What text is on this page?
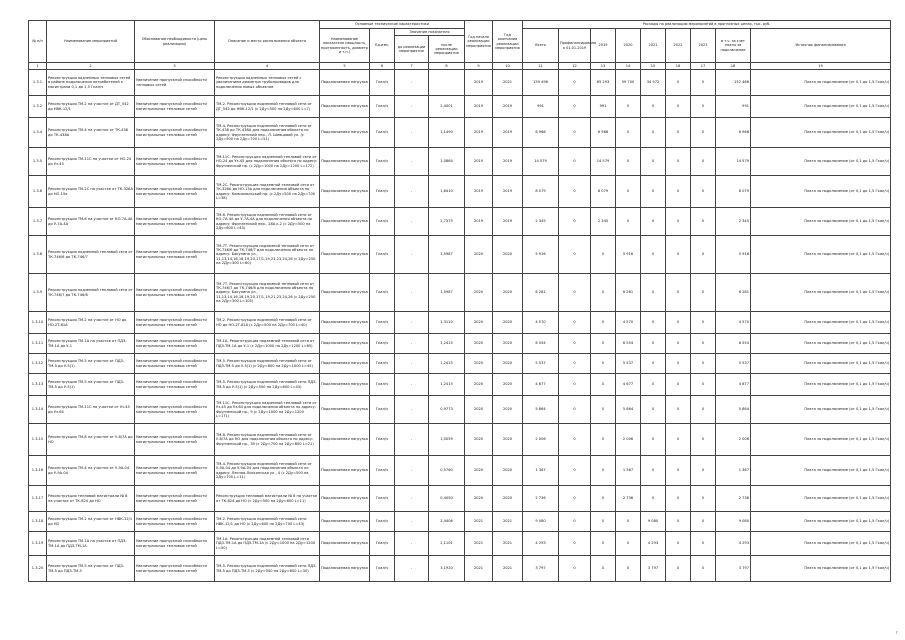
№ п/п	Наименование мероприятий	Обоснование необходимости (цель реализации)	Описание и место расположения объекта	Основные технические характеристики				Год начала реализации мероприятия	Год окончания реализации мероприятия	Расходы на реализацию мероприятий в прогнозных ценах, тыс. руб.								
				Наименование показателя (мощность, протяженность, диаметр и т.п.)	Ед.изм.	Значение показателя				Всего	Профинансировано к 01.01.2019	2019	2020	2021	2022	2023	в т.ч. за счет платы за подключение	Источник финансирования
						до реализации мероприятия	после реализации мероприятия											
1	2	3	4	5	6	7	8	9	10	11	12	13	14	15	16	17	18	19
1.3.1	Реконструкция надземных тепловых сетей в районе подключения потребителей к магистрали 0,1 до 1,5 Гкал/ч	Увеличение пропускной способности тепловых сетей	Реконструкция надземных тепловых сетей с увеличением диаметра трубопроводов для подключения новых объектов	Подключаемая нагрузка	Гкал/ч	-		2019	2021	159 496	0	65 293	59 700	34 972	0	0	152 466	Плата за подключение (от 0,1 до 1,5 Гкал/ч)
1.3.2	Реконструкция ТМ-2 на участке от ДТ_542 до НВК-12/1	Увеличение пропускной способности магистральных тепловых сетей	ТМ-2. Реконструкция подземной тепловой сети от ДТ_542 до НВК-12/1 (с 2Ду=500 на 2Ду=600 L=7)	Подключаемая нагрузка	Гкал/ч	-	2,4001	2019	2019	991	0	991	0	0	0	0	991	Плата за подключение (от 0,1 до 1,5 Гкал/ч)
1.3.4	Реконструкция ТМ-4 на участке от ТК-438 до ТК-438А	Увеличение пропускной способности магистральных тепловых сетей	ТМ-4. Реконструкция подземной тепловой сети от ТК-438 до ТК-438А для подключения объекта по адресу: Фрунзенский пер., Л. Шевцовой ул. (с 2Ду=500 на 2Ду=700 L=51)	Подключаемая нагрузка	Гкал/ч	-	1,1490	2019	2019	6 966	0	6 966	0	0	0	0	6 966	Плата за подключение (от 0,1 до 1,5 Гкал/ч)
1.3.5	Реконструкция ТМ-11С на участке от НО-24 до Уз-45	Увеличение пропускной способности магистральных тепловых сетей	ТМ-11С. Реконструкция надземной тепловой сети от НО-24 до Уз-45 для подключения объекта по адресу: Фрунзенский пр. (с 2Ду=1000 на 2Ду=1200 L=172)	Подключаемая нагрузка	Гкал/ч	-	1,0864	2019	2019	14 579	0	14 579	0	0	0	0	14 579	Плата за подключение (от 0,1 до 1,5 Гкал/ч)
1.3.6	Реконструкция ТМ-2С на участке от ТК-326А до НО-15а	Увеличение пропускной способности магистральных тепловых сетей	ТМ-2С. Реконструкция подземной тепловой сети от ТК-326А до НО-15а для подключения объекта по адресу: Комсомольский пр. (с 2Ду=500 на 2Ду=700 L=38)	Подключаемая нагрузка	Гкал/ч	-	1,6410	2019	2019	8 079	0	8 079	0	0	0	0	8 079	Плата за подключение (от 0,1 до 1,5 Гкал/ч)
1.3.7	Реконструкция ТМ-6 на участке от КО-7А-4А до У-7А-4А	Увеличение пропускной способности магистральных тепловых сетей	ТМ-6. Реконструкция надземной тепловой сети от КО-7А-4А до У-7А-4А для подключения объекта по адресу: Фрунзенский пер., 28А к.2 (с 2Ду=500 на 2Ду=600 L=43)	Подключаемая нагрузка	Гкал/ч	-	2,7375	2019	2019	2 345	0	2 345	0	0	0	0	2 345	Плата за подключение (от 0,1 до 1,5 Гкал/ч)
1.3.8	Реконструкция подземной тепловой сети от ТК-746/6 до ТК-746/7	Увеличение пропускной способности магистральных тепловых сетей	ТМ-7Т. Реконструкция подземной тепловой сети от ТК-746/6 до ТК-746/7 для подключения объекта по адресу: Бакунина ул., 11,13,14,16,18,19,20,17/1,19,21,23,24,26 (с 2Ду=250 на 2Ду=300 L=60)	Подключаемая нагрузка	Гкал/ч	-	1,5987	2020	2020	5 916	0	0	5 916	0	0	0	5 916	Плата за подключение (от 0,1 до 1,5 Гкал/ч)
1.3.9	Реконструкция подземной тепловой сети от ТК-746/7 до ТК-746/8	Увеличение пропускной способности магистральных тепловых сетей	ТМ-7Т. Реконструкция подземной тепловой сети от ТК-746/7 до ТК-746/8 для подключения объекта по адресу: Бакунина ул., 11,13,14,16,18,19,20,17/1,19,21,23,24,26 (с 2Ду=250 на 2Ду=300 L=105)	Подключаемая нагрузка	Гкал/ч	-	1,5987	2020	2020	6 281	0	0	6 281	0	0	0	6 281	Плата за подключение (от 0,1 до 1,5 Гкал/ч)
1.3.10	Реконструкция ТМ-2 на участке от НО до НО-2Т-81А	Увеличение пропускной способности магистральных тепловых сетей	ТМ-2. Реконструкция подземной тепловой сети от НО до НО-2Т-81А (с 2Ду=500 на 2Ду=700 L=40)	Подключаемая нагрузка	Гкал/ч	-	1,3110	2020	2020	4 570	0	0	4 570	0	0	0	4 570	Плата за подключение (от 0,1 до 1,5 Гкал/ч)
1.3.11	Реконструкция ТМ-1А на участке от ПДЗ-ТМ-1А до У-1	Увеличение пропускной способности магистральных тепловых сетей	ТМ-1А. Реконструкция подземной тепловой сети от ПДЗ-ТМ-1А до У-1 (с 2Ду=1000 на 2Ду=1200 L=65)	Подключаемая нагрузка	Гкал/ч	-	1,2415	2020	2020	6 554	0	0	6 554	0	0	0	6 554	Плата за подключение (от 0,1 до 1,5 Гкал/ч)
1.3.12	Реконструкция ТМ-5 на участке от ПДЗ-ТМ-5 до У-5(1)	Увеличение пропускной способности магистральных тепловых сетей	ТМ-5. Реконструкция подземной тепловой сети от ПДЗ-ТМ-5 до У-5(1) (с 2Ду=800 на 2Ду=1000 L=45)	Подключаемая нагрузка	Гкал/ч	-	1,2415	2020	2020	5 537	0	0	5 537	0	0	0	5 537	Плата за подключение (от 0,1 до 1,5 Гкал/ч)
1.3.13	Реконструкция ТМ-5 на участке от ПДЗ-ТМ-5 до У-5(1)	Увеличение пропускной способности магистральных тепловых сетей	ТМ-5. Реконструкция подземной тепловой сети ПДЗ-ТМ-5 до У-5(1) (с 2Ду=500 на 2Ду=600 L=45)	Подключаемая нагрузка	Гкал/ч	-	1,2415	2020	2020	4 677	0	0	4 677	0	0	0	4 677	Плата за подключение (от 0,1 до 1,5 Гкал/ч)
1.3.14	Реконструкция ТМ-11С на участке от Уз-45 до Уз-64	Увеличение пропускной способности магистральных тепловых сетей	ТМ-11С. Реконструкция надземной тепловой сети от Уз-45 до Уз-64 для подключения объекта по адресу: Фрунзенский пр., 9 (с 2Ду=1000 на 2Ду=1200 L=171)	Подключаемая нагрузка	Гкал/ч	-	0,9773	2020	2020	5 864	0	0	5 864	0	0	0	5 864	Плата за подключение (от 0,1 до 1,5 Гкал/ч)
1.3.15	Реконструкция ТМ-8 на участке от У-8/7А до НО	Увеличение пропускной способности магистральных тепловых сетей	ТМ-8. Реконструкция надземной тепловой сети от У-8/7А до НО для подключения объекта по адресу: Фрунзенский пр., 39 (с 2Ду=700 на 2Ду=800 L=21)	Подключаемая нагрузка	Гкал/ч	-	1,0059	2020	2020	2 006	0	0	2 006	0	0	0	2 006	Плата за подключение (от 0,1 до 1,5 Гкал/ч)
1.3.16	Реконструкция ТМ-4 на участке от У-9А-04 до У-9А-04	Увеличение пропускной способности магистральных тепловых сетей	ТМ-4. Реконструкция подземной тепловой сети от У-9А-04 до У-9А-04 для подключения объекта по адресу: Лесная-Лисконская ул., 4 (с 2Ду=500 на 2Ду=700 L=11)	Подключаемая нагрузка	Гкал/ч	-	0,5760	2020	2020	1 367	0	0	1 367	0	0	0	1 367	Плата за подключение (от 0,1 до 1,5 Гкал/ч)
1.3.17	Реконструкция тепловой магистрали № 8 на участке от ТК-824 до НО	Увеличение пропускной способности магистральных тепловых сетей	Реконструкция тепловой магистрали № 8 на участке от ТК-824 до НО (с 2Ду=500 на 2Ду=600 L=11)	Подключаемая нагрузка	Гкал/ч	-	0,4050	2020	2020	2 736	0	0	2 736	0	0	0	2 736	Плата за подключение (от 0,1 до 1,5 Гкал/ч)
1.3.18	Реконструкция ТМ-2 на участке от НВК-12/1 до НО	Увеличение пропускной способности магистральных тепловых сетей	ТМ-2. Реконструкция подземной тепловой сети НВК-12/1 до НО (с 2Ду=600 на 2Ду=700 L=43)	Подключаемая нагрузка	Гкал/ч	-	2,4406	2021	2021	9 080	0	0	0	9 080	0	0	9 080	Плата за подключение (от 0,1 до 1,5 Гкал/ч)
1.3.19	Реконструкция ТМ-1А на участке от ПДЗ-ТМ-1А до ПДЗ-ТМ-1А	Увеличение пропускной способности магистральных тепловых сетей	ТМ-1А. Реконструкция подземной тепловой сети ПДЗ-ТМ-1А до ПДЗ-ТМ-1А (с 2Ду=1000 на 2Ду=1200 L=50)	Подключаемая нагрузка	Гкал/ч	-	2,1101	2021	2021	4 293	0	0	0	4 293	0	0	4 293	Плата за подключение (от 0,1 до 1,5 Гкал/ч)
1.3.20	Реконструкция ТМ-5 на участке от ПДЗ-ТМ-5 до ПДЗ-ТМ-5	Увеличение пропускной способности магистральных тепловых сетей	ТМ-5. Реконструкция подземной тепловой сети ПДЗ-ТМ-5 до ПДЗ-ТМ-5 (с 2Ду=500 на 2Ду=600 L=30)	Подключаемая нагрузка	Гкал/ч	-	3,1920	2021	2021	3 797	0	0	0	3 797	0	0	3 797	Плата за подключение (от 0,1 до 1,5 Гкал/ч)
г
